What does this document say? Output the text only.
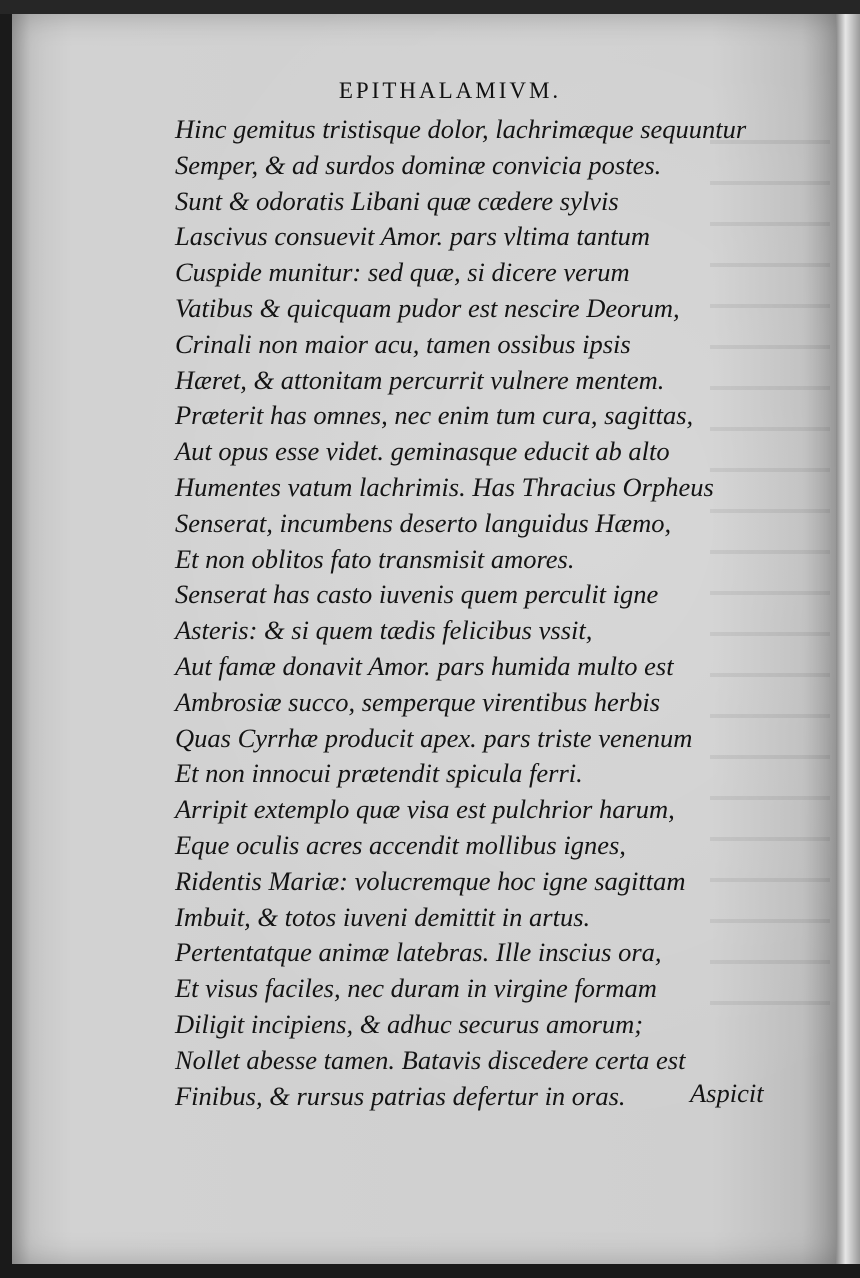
EPITHALAMIVM.
Hinc gemitus tristisque dolor, lachrimæque sequuntur
Semper, & ad surdos dominæ convicia postes.
Sunt & odoratis Libani quæ cædere sylvis
Lascivus consuevit Amor. pars vltima tantum
Cuspide munitur: sed quæ, si dicere verum
Vatibus & quicquam pudor est nescire Deorum,
Crinali non maior acu, tamen ossibus ipsis
Hæret, & attonitam percurrit vulnere mentem.
Præterit has omnes, nec enim tum cura, sagittas,
Aut opus esse videt. geminasque educit ab alto
Humentes vatum lachrimis. Has Thracius Orpheus
Senserat, incumbens deserto languidus Hæmo,
Et non oblitos fato transmisit amores.
Senserat has casto iuvenis quem perculit igne
Asteris: & si quem tædis felicibus vssit,
Aut famæ donavit Amor. pars humida multo est
Ambrosiæ succo, semperque virentibus herbis
Quas Cyrrhæ producit apex. pars triste venenum
Et non innocui prætendit spicula ferri.
Arripit extemplo quæ visa est pulchrior harum,
Eque oculis acres accendit mollibus ignes,
Ridentis Mariæ: volucremque hoc igne sagittam
Imbuit, & totos iuveni demittit in artus.
Pertentatque animæ latebras. Ille inscius ora,
Et visus faciles, nec duram in virgine formam
Diligit incipiens, & adhuc securus amorum;
Nollet abesse tamen. Batavis discedere certa est
Finibus, & rursus patrias defertur in oras.	Aspicit
